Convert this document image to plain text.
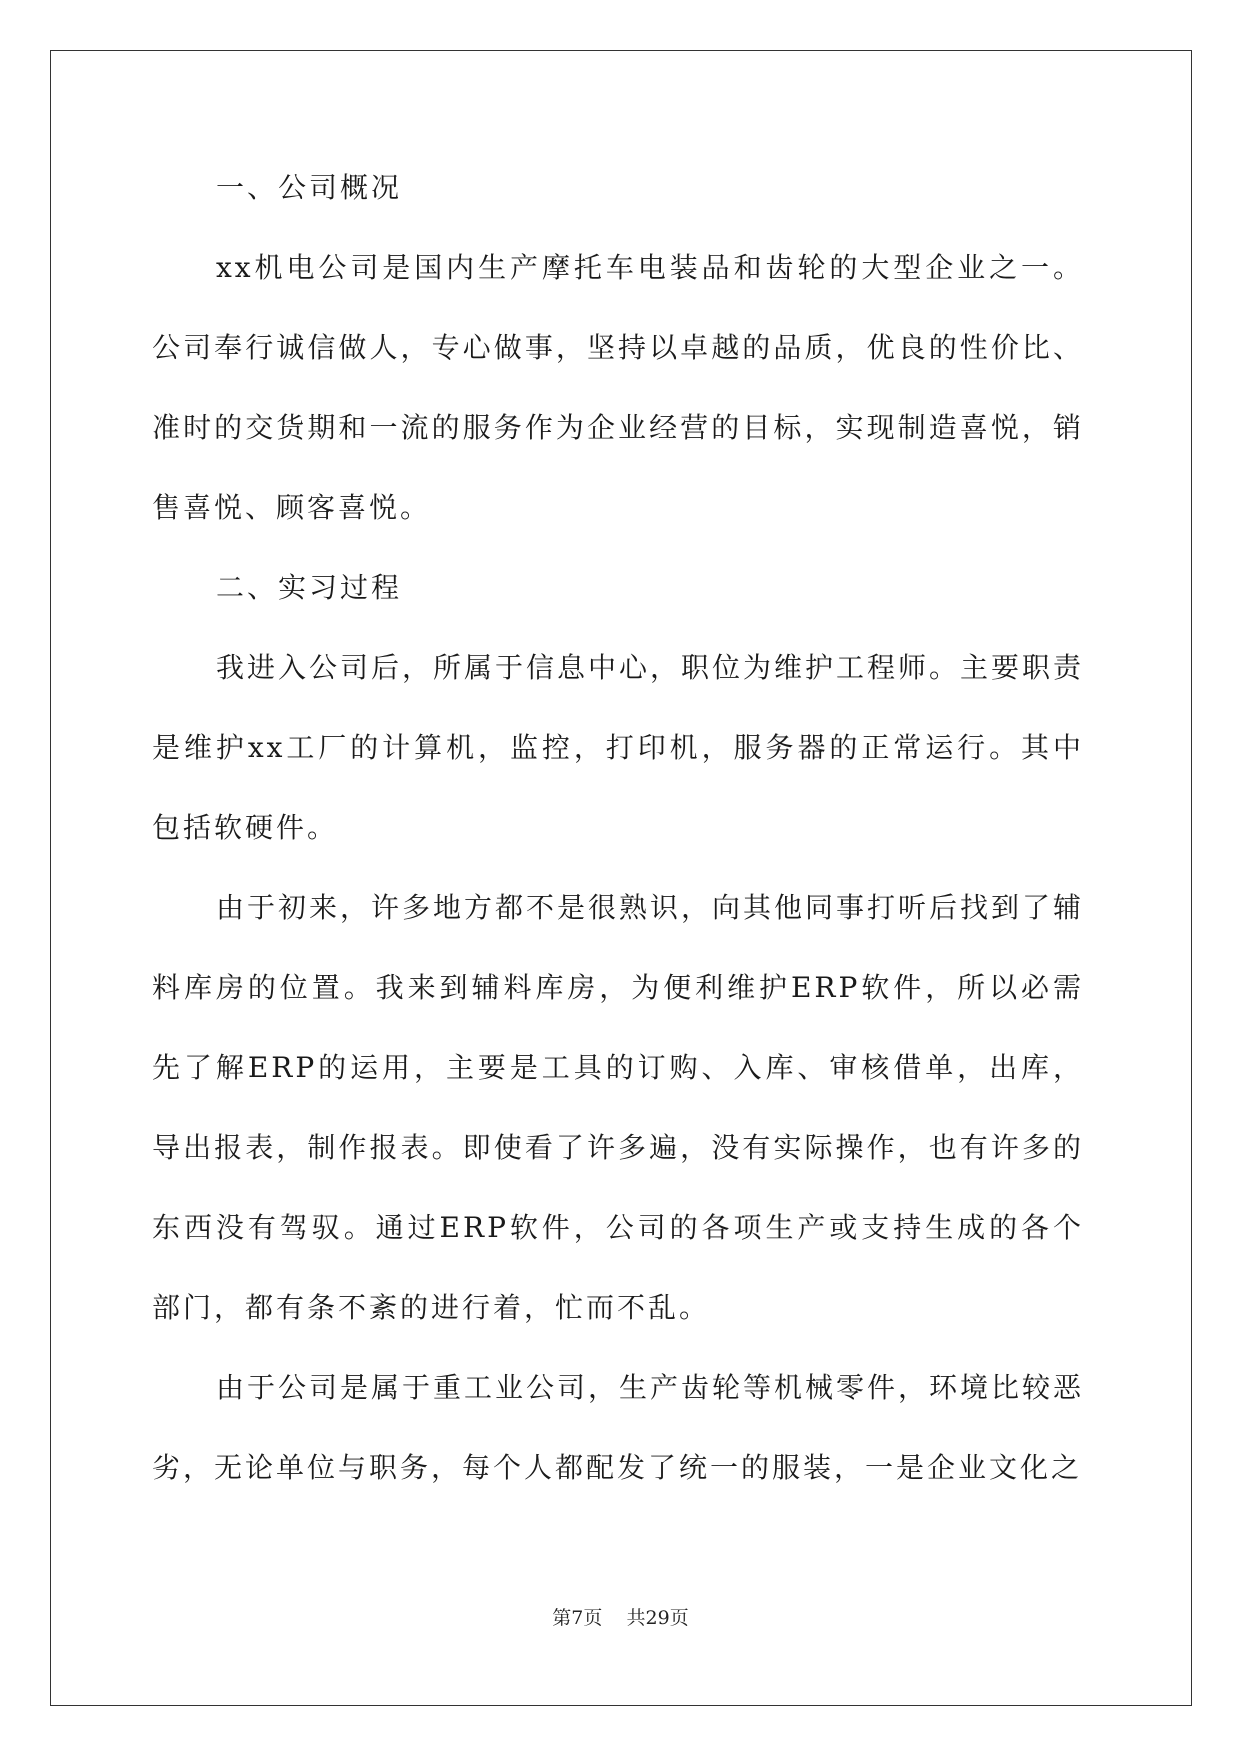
一、公司概况

xx机电公司是国内生产摩托车电装品和齿轮的大型企业之一。公司奉行诚信做人，专心做事，坚持以卓越的品质，优良的性价比、准时的交货期和一流的服务作为企业经营的目标，实现制造喜悦，销售喜悦、顾客喜悦。

二、实习过程

我进入公司后，所属于信息中心，职位为维护工程师。主要职责是维护xx工厂的计算机，监控，打印机，服务器的正常运行。其中包括软硬件。

由于初来，许多地方都不是很熟识，向其他同事打听后找到了辅料库房的位置。我来到辅料库房，为便利维护ERP软件，所以必需先了解ERP的运用，主要是工具的订购、入库、审核借单，出库，导出报表，制作报表。即使看了许多遍，没有实际操作，也有许多的东西没有驾驭。通过ERP软件，公司的各项生产或支持生成的各个部门，都有条不紊的进行着，忙而不乱。

由于公司是属于重工业公司，生产齿轮等机械零件，环境比较恶劣，无论单位与职务，每个人都配发了统一的服装，一是企业文化之

第7页 共29页
